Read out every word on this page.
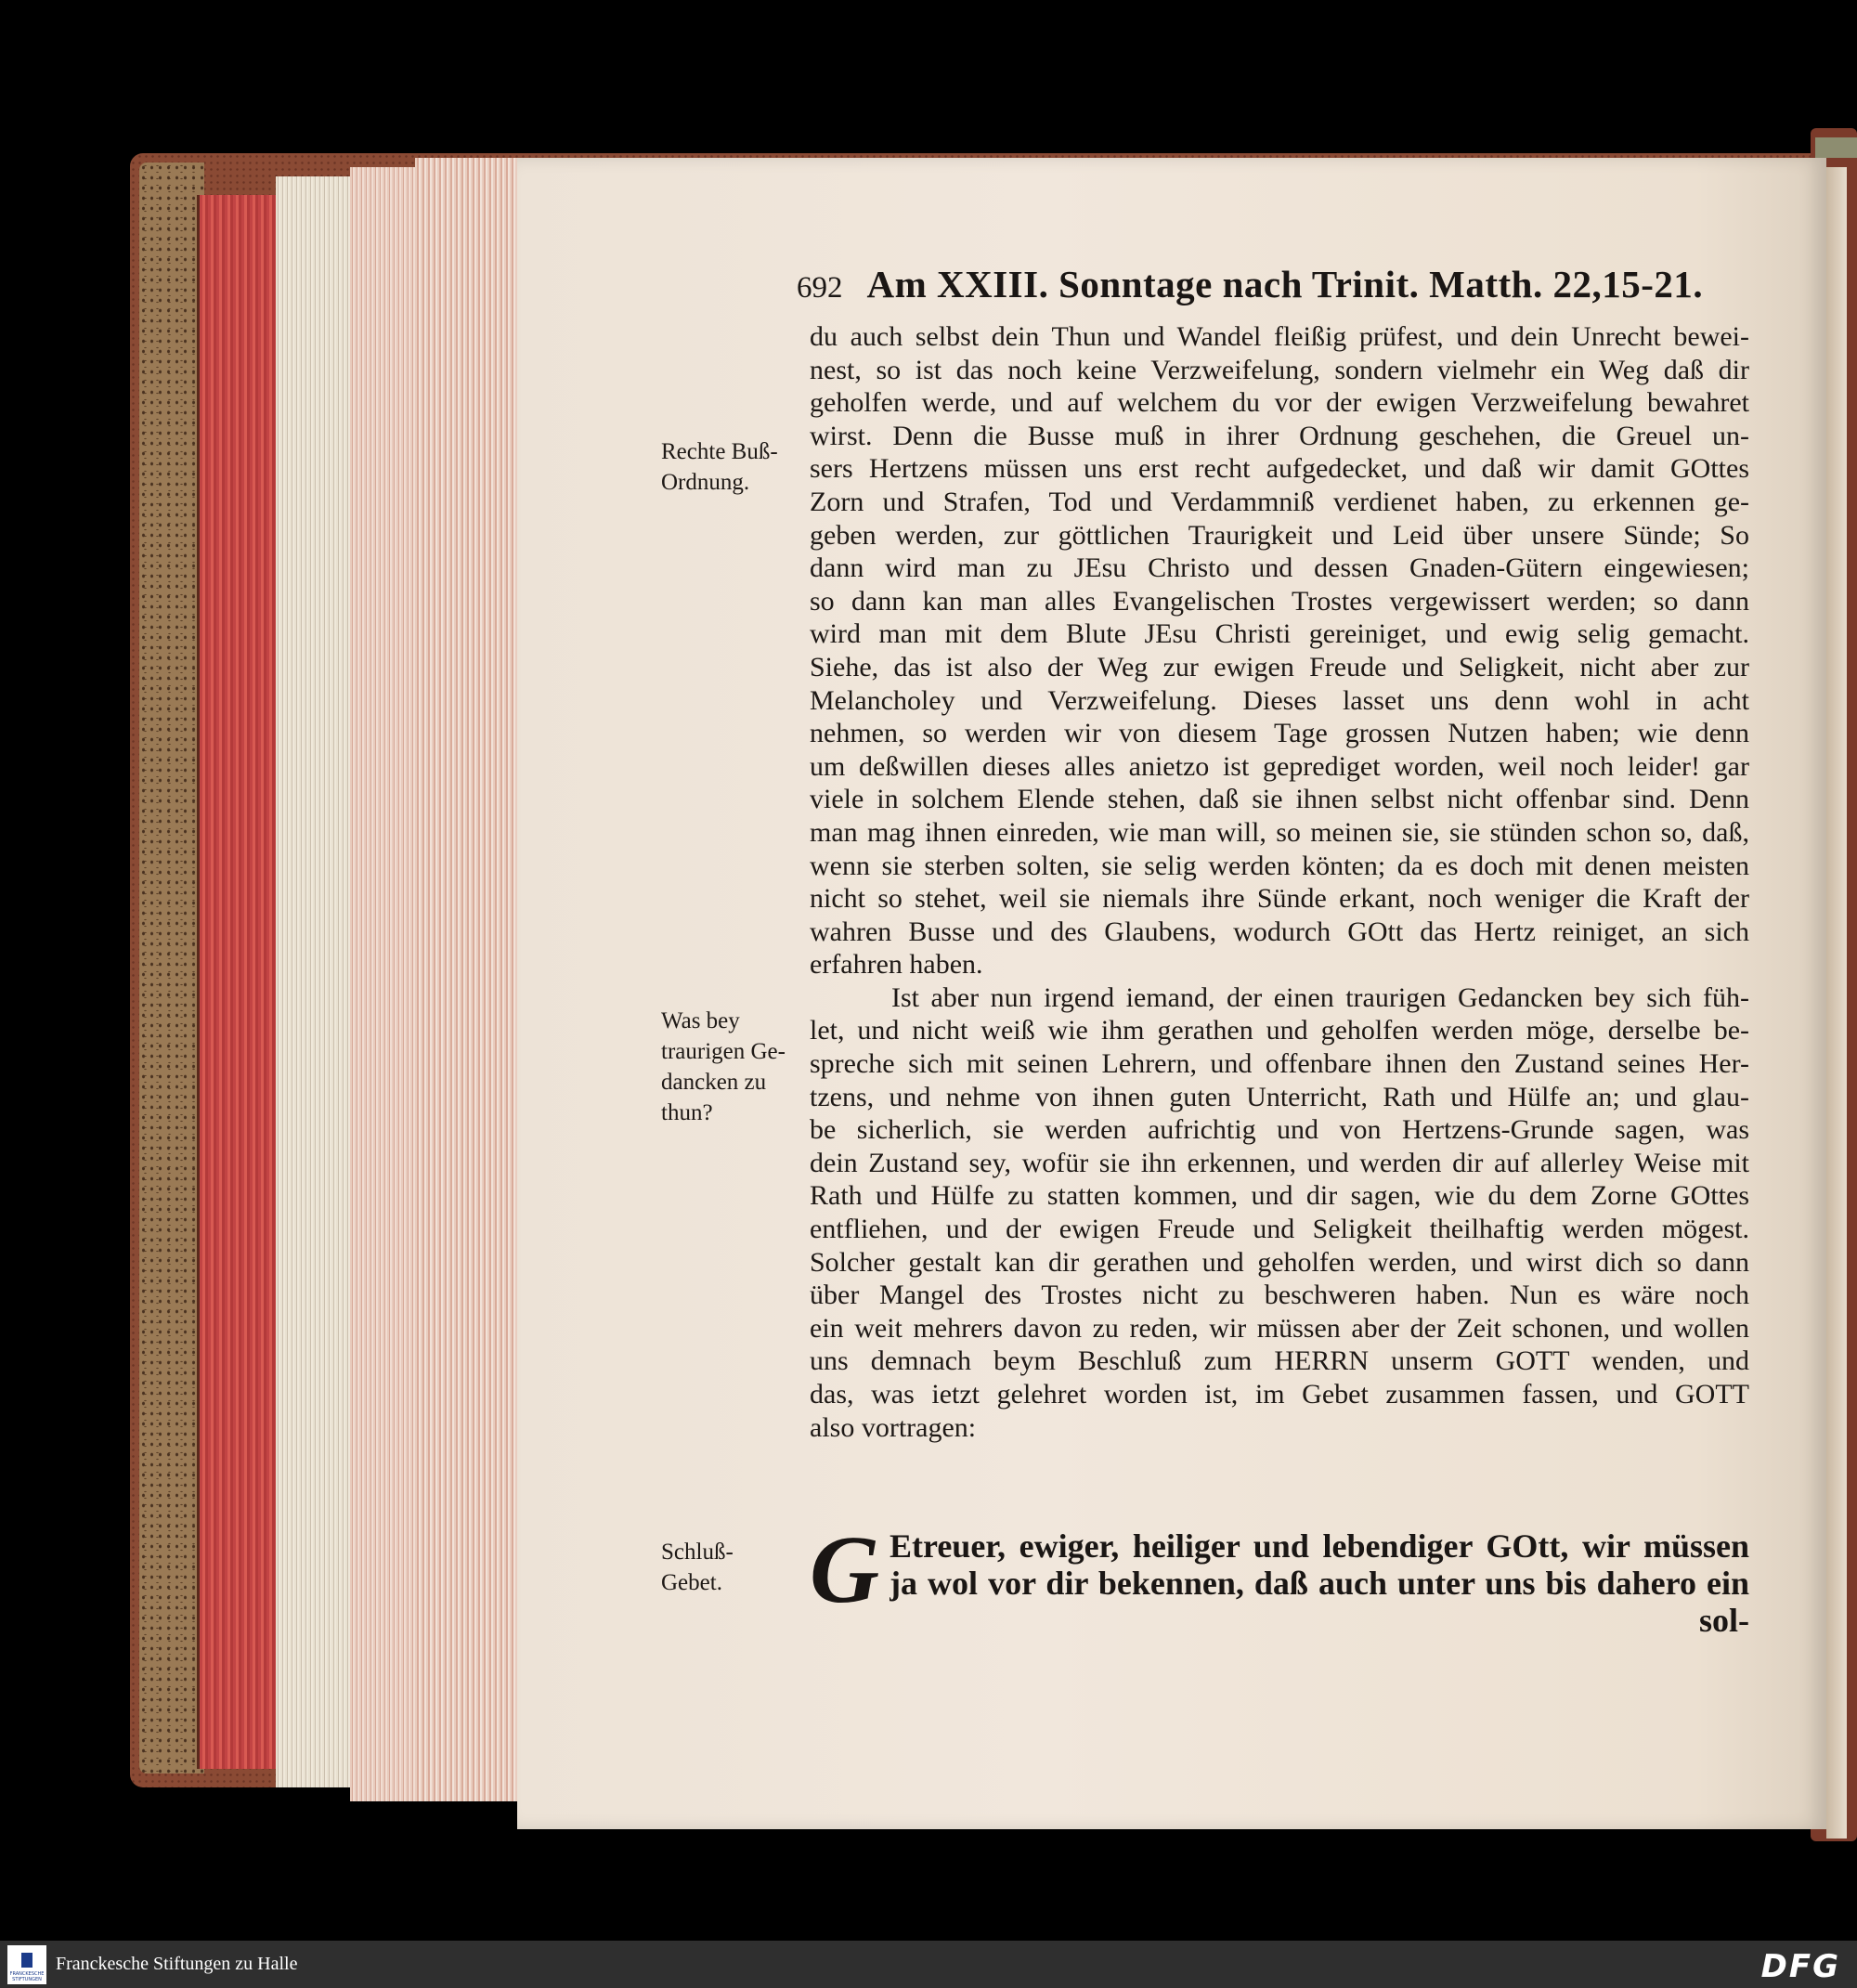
692 Am XXIII. Sonntage nach Trinit. Matth. 22,15-21.
du auch selbst dein Thun und Wandel fleißig prüfest, und dein Unrecht bewei-
nest, so ist das noch keine Verzweifelung, sondern vielmehr ein Weg daß dir
geholfen werde, und auf welchem du vor der ewigen Verzweifelung bewahret
wirst. Denn die Busse muß in ihrer Ordnung geschehen, die Greuel un-
sers Hertzens müssen uns erst recht aufgedecket, und daß wir damit GOttes
Zorn und Strafen, Tod und Verdammniß verdienet haben, zu erkennen ge-
geben werden, zur göttlichen Traurigkeit und Leid über unsere Sünde; So
dann wird man zu JEsu Christo und dessen Gnaden-Gütern eingewiesen;
so dann kan man alles Evangelischen Trostes vergewissert werden; so dann
wird man mit dem Blute JEsu Christi gereiniget, und ewig selig gemacht.
Siehe, das ist also der Weg zur ewigen Freude und Seligkeit, nicht aber zur
Melancholey und Verzweifelung. Dieses lasset uns denn wohl in acht
nehmen, so werden wir von diesem Tage grossen Nutzen haben; wie denn
um deßwillen dieses alles anietzo ist geprediget worden, weil noch leider! gar
viele in solchem Elende stehen, daß sie ihnen selbst nicht offenbar sind. Denn
man mag ihnen einreden, wie man will, so meinen sie, sie stünden schon so, daß,
wenn sie sterben solten, sie selig werden könten; da es doch mit denen meisten
nicht so stehet, weil sie niemals ihre Sünde erkant, noch weniger die Kraft der
wahren Busse und des Glaubens, wodurch GOtt das Hertz reiniget, an sich
erfahren haben.
Ist aber nun irgend iemand, der einen traurigen Gedancken bey sich füh-
let, und nicht weiß wie ihm gerathen und geholfen werden möge, derselbe be-
spreche sich mit seinen Lehrern, und offenbare ihnen den Zustand seines Her-
tzens, und nehme von ihnen guten Unterricht, Rath und Hülfe an; und glau-
be sicherlich, sie werden aufrichtig und von Hertzens-Grunde sagen, was
dein Zustand sey, wofür sie ihn erkennen, und werden dir auf allerley Weise mit
Rath und Hülfe zu statten kommen, und dir sagen, wie du dem Zorne GOttes
entfliehen, und der ewigen Freude und Seligkeit theilhaftig werden mögest.
Solcher gestalt kan dir gerathen und geholfen werden, und wirst dich so dann
über Mangel des Trostes nicht zu beschweren haben. Nun es wäre noch
ein weit mehrers davon zu reden, wir müssen aber der Zeit schonen, und wollen
uns demnach beym Beschluß zum HERRN unserm GOTT wenden, und
das, was ietzt gelehret worden ist, im Gebet zusammen fassen, und GOTT
also vortragen:
Rechte Buß-
Ordnung.
Was bey
traurigen Ge-
dancken zu
thun?
Schluß-
Gebet. G Etreuer, ewiger, heiliger und lebendiger GOtt, wir müssen
ja wol vor dir bekennen, daß auch unter uns bis dahero ein
sol-
FRANCKESCHE STIFTUNGEN
Franckesche Stiftungen zu Halle	DFG
